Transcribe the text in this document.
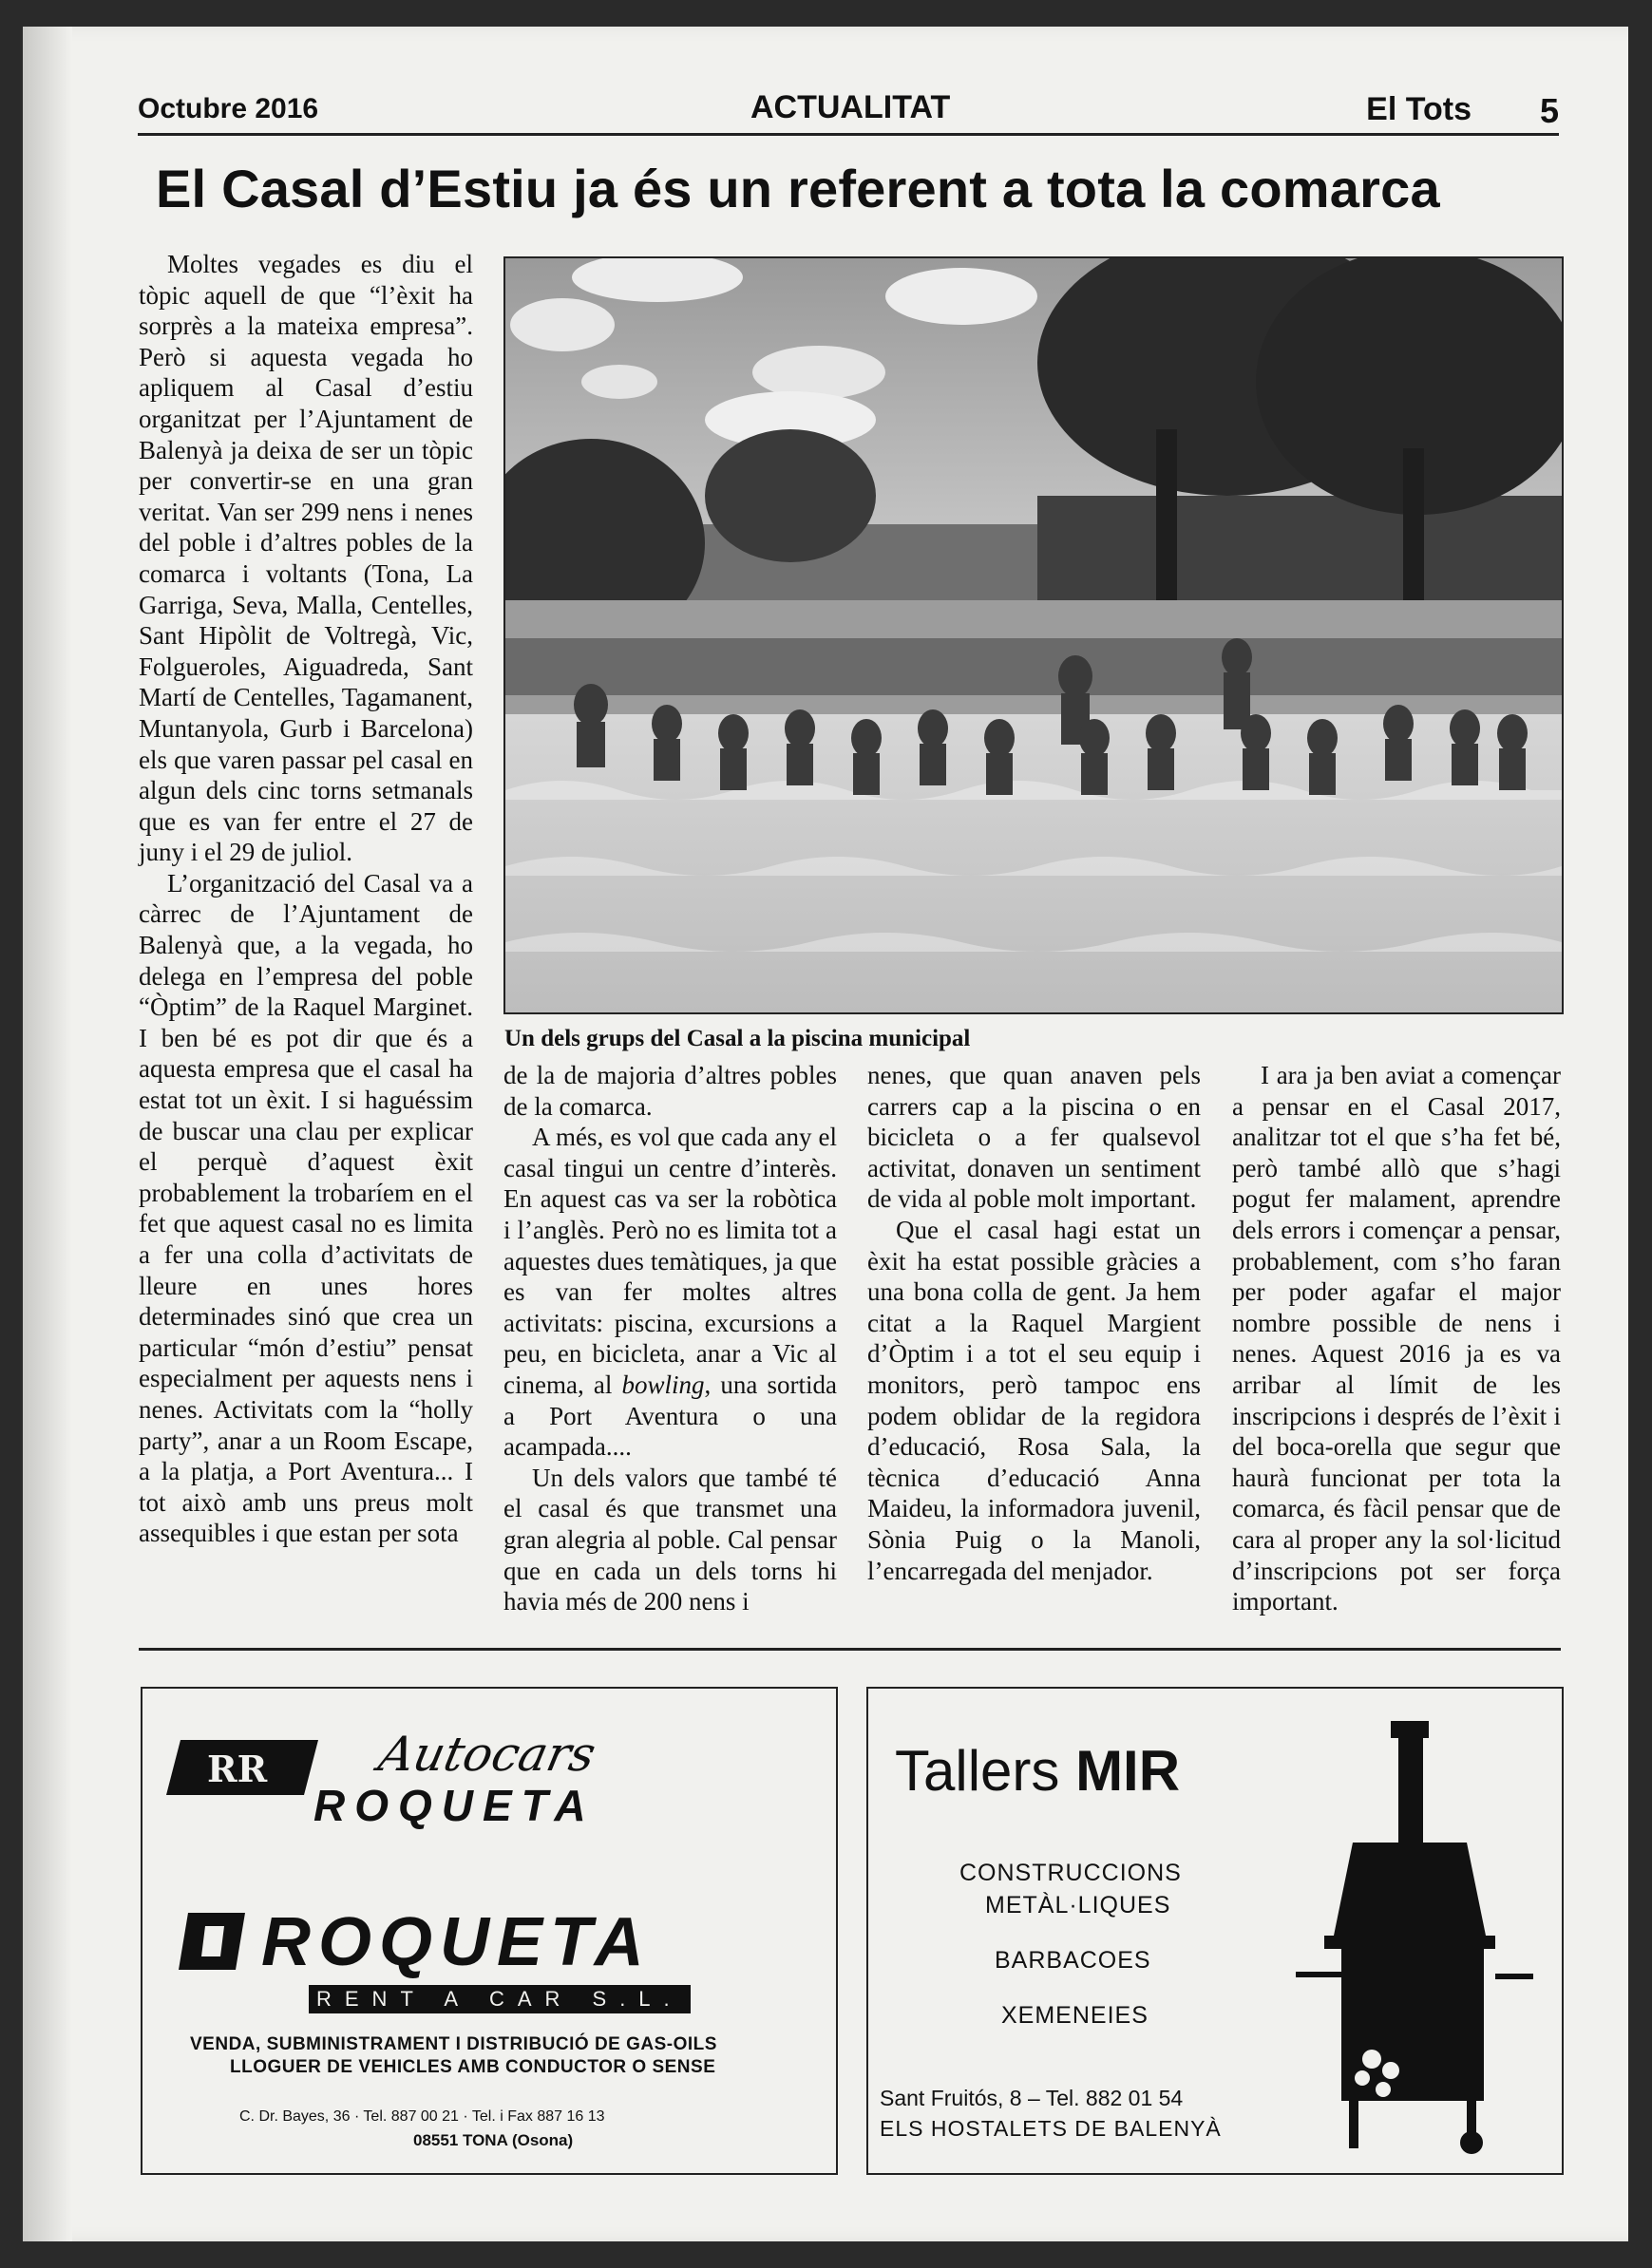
Octubre 2016	ACTUALITAT	El Tots 5
El Casal d’Estiu ja és un referent a tota la comarca

Moltes vegades es diu el tòpic aquell de que “l’èxit ha sorprès a la mateixa empresa”. Però si aquesta vegada ho apliquem al Casal d’estiu organitzat per l’Ajuntament de Balenyà ja deixa de ser un tòpic per convertir-se en una gran veritat. Van ser 299 nens i nenes del poble i d’altres pobles de la comarca i voltants (Tona, La Garriga, Seva, Malla, Centelles, Sant Hipòlit de Voltregà, Vic, Folgueroles, Aiguadreda, Sant Martí de Centelles, Tagamanent, Muntanyola, Gurb i Barcelona) els que varen passar pel casal en algun dels cinc torns setmanals que es van fer entre el 27 de juny i el 29 de juliol.

L’organització del Casal va a càrrec de l’Ajuntament de Balenyà que, a la vegada, ho delega en l’empresa del poble “Òptim” de la Raquel Marginet. I ben bé es pot dir que és a aquesta empresa que el casal ha estat tot un èxit. I si haguéssim de buscar una clau per explicar el perquè d’aquest èxit probablement la trobaríem en el fet que aquest casal no es limita a fer una colla d’activitats de lleure en unes hores determinades sinó que crea un particular “món d’estiu” pensat especialment per aquests nens i nenes. Activitats com la “holly party”, anar a un Room Escape, a la platja, a Port Aventura... I tot això amb uns preus molt assequibles i que estan per sota

Un dels grups del Casal a la piscina municipal

de la de majoria d’altres pobles de la comarca.

A més, es vol que cada any el casal tingui un centre d’interès. En aquest cas va ser la robòtica i l’anglès. Però no es limita tot a aquestes dues temàtiques, ja que es van fer moltes altres activitats: piscina, excursions a peu, en bicicleta, anar a Vic al cinema, al bowling, una sortida a Port Aventura o una acampada....

Un dels valors que també té el casal és que transmet una gran alegria al poble. Cal pensar que en cada un dels torns hi havia més de 200 nens i

nenes, que quan anaven pels carrers cap a la piscina o en bicicleta o a fer qualsevol activitat, donaven un sentiment de vida al poble molt important.

Que el casal hagi estat un èxit ha estat possible gràcies a una bona colla de gent. Ja hem citat a la Raquel Margient d’Òptim i a tot el seu equip i monitors, però tampoc ens podem oblidar de la regidora d’educació, Rosa Sala, la tècnica d’educació Anna Maideu, la informadora juvenil, Sònia Puig o la Manoli, l’encarregada del menjador.

I ara ja ben aviat a començar a pensar en el Casal 2017, analitzar tot el que s’ha fet bé, però també allò que s’hagi pogut fer malament, aprendre dels errors i començar a pensar, probablement, com s’ho faran per poder agafar el major nombre possible de nens i nenes. Aquest 2016 ja es va arribar al límit de les inscripcions i després de l’èxit i del boca-orella que segur que haurà funcionat per tota la comarca, és fàcil pensar que de cara al proper any la sol·licitud d’inscripcions pot ser força important.

RR Autocars
ROQUETA
ROQUETA
RENT A CAR S.L.
VENDA, SUBMINISTRAMENT I DISTRIBUCIÓ DE GAS-OILS
LLOGUER DE VEHICLES AMB CONDUCTOR O SENSE
C. Dr. Bayes, 36 · Tel. 887 00 21 · Tel. i Fax 887 16 13
08551 TONA (Osona)
Tallers MIR
CONSTRUCCIONS
METÀL·LIQUES
BARBACOES
XEMENEIES
Sant Fruitós, 8 – Tel. 882 01 54
ELS HOSTALETS DE BALENYÀ
